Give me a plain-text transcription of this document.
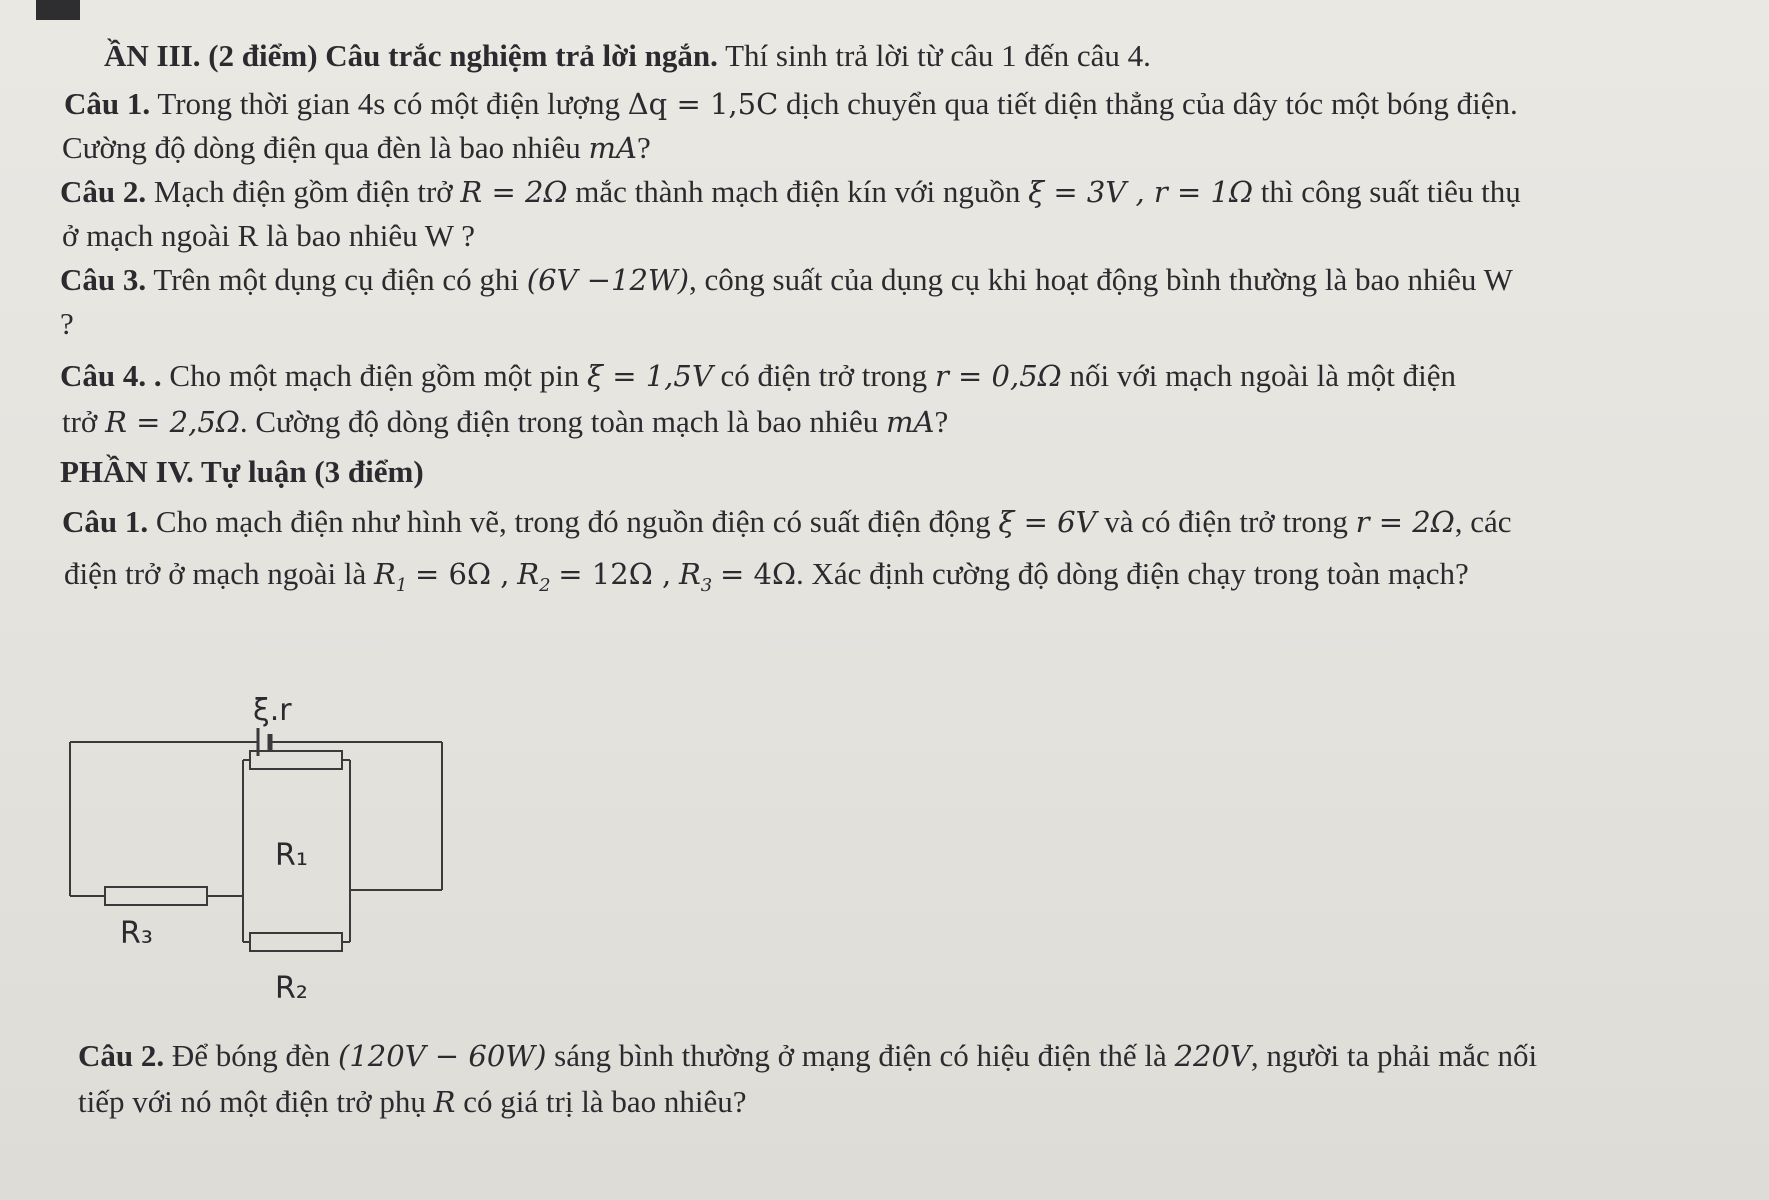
ẦN III. (2 điểm) Câu trắc nghiệm trả lời ngắn. Thí sinh trả lời từ câu 1 đến câu 4.
Câu 1. Trong thời gian 4s có một điện lượng Δq = 1,5C dịch chuyển qua tiết diện thẳng của dây tóc một bóng điện.
Cường độ dòng điện qua đèn là bao nhiêu mA?
Câu 2. Mạch điện gồm điện trở R = 2Ω mắc thành mạch điện kín với nguồn ξ = 3V , r = 1Ω thì công suất tiêu thụ
ở mạch ngoài R là bao nhiêu W ?
Câu 3. Trên một dụng cụ điện có ghi (6V −12W), công suất của dụng cụ khi hoạt động bình thường là bao nhiêu W
?
Câu 4. . Cho một mạch điện gồm một pin ξ = 1,5V có điện trở trong r = 0,5Ω nối với mạch ngoài là một điện
trở R = 2,5Ω. Cường độ dòng điện trong toàn mạch là bao nhiêu mA?
PHẦN IV. Tự luận (3 điểm)
Câu 1. Cho mạch điện như hình vẽ, trong đó nguồn điện có suất điện động ξ = 6V và có điện trở trong r = 2Ω, các
điện trở ở mạch ngoài là $R_1 = 6\Omega$ , $R_2 = 12\Omega$ , $R_3 = 4\Omega$. Xác định cường độ dòng điện chạy trong toàn mạch?
ξ.r
R₁
R₃
R₂
Câu 2. Để bóng đèn (120V − 60W) sáng bình thường ở mạng điện có hiệu điện thế là 220V, người ta phải mắc nối
tiếp với nó một điện trở phụ R có giá trị là bao nhiêu?
